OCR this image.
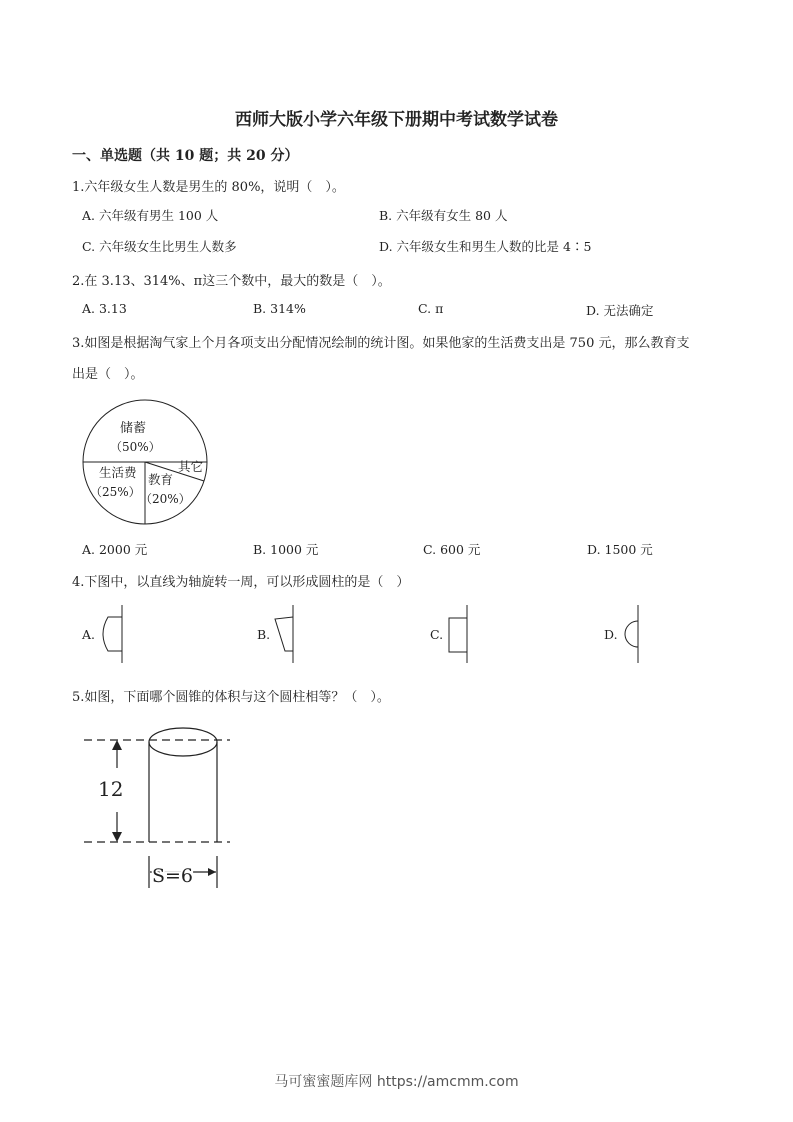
西师大版小学六年级下册期中考试数学试卷
一、单选题（共 10 题；共 20 分）
1.六年级女生人数是男生的 80%，说明（　）。
A. 六年级有男生 100 人	B. 六年级有女生 80 人
C. 六年级女生比男生人数多	D. 六年级女生和男生人数的比是 4∶5
2.在 3.13、314%、π这三个数中，最大的数是（　）。
A. 3.13	B. 314%	C. π	D. 无法确定
3.如图是根据淘气家上个月各项支出分配情况绘制的统计图。如果他家的生活费支出是 750 元，那么教育支
出是（　）。
储蓄
（50%）
生活费
（25%）
教育
（20%）
其它
A. 2000 元	B. 1000 元	C. 600 元	D. 1500 元
4.下图中，以直线为轴旋转一周，可以形成圆柱的是（　）
A.	B.	C.	D.
5.如图，下面哪个圆锥的体积与这个圆柱相等？（　）。
12
S=6
马可蜜蜜题库网 https://amcmm.com
